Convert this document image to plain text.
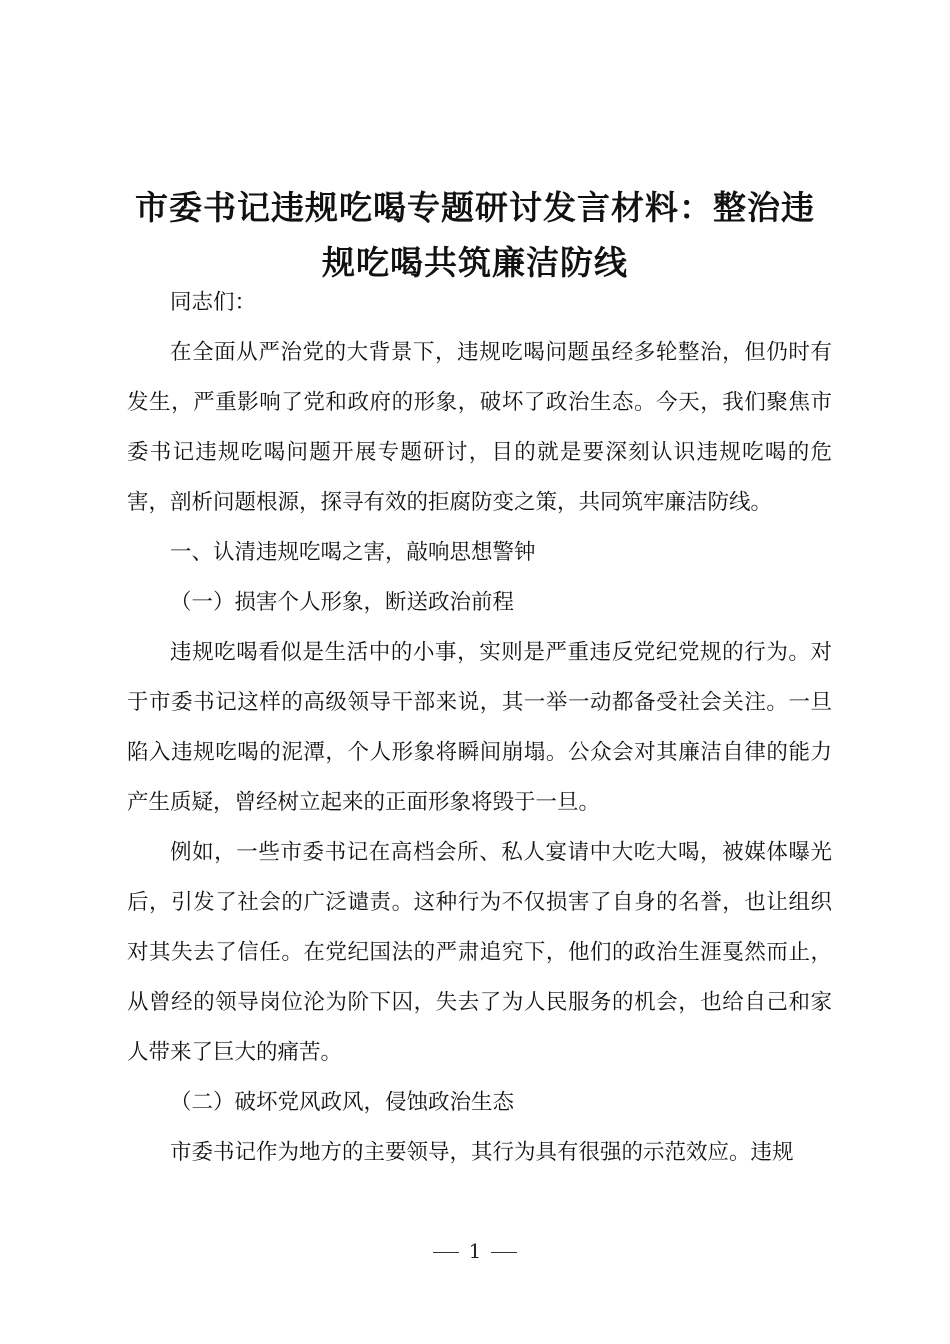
市委书记违规吃喝专题研讨发言材料：整治违规吃喝共筑廉洁防线

同志们：

在全面从严治党的大背景下，违规吃喝问题虽经多轮整治，但仍时有发生，严重影响了党和政府的形象，破坏了政治生态。今天，我们聚焦市委书记违规吃喝问题开展专题研讨，目的就是要深刻认识违规吃喝的危害，剖析问题根源，探寻有效的拒腐防变之策，共同筑牢廉洁防线。

一、认清违规吃喝之害，敲响思想警钟

（一）损害个人形象，断送政治前程

违规吃喝看似是生活中的小事，实则是严重违反党纪党规的行为。对于市委书记这样的高级领导干部来说，其一举一动都备受社会关注。一旦陷入违规吃喝的泥潭，个人形象将瞬间崩塌。公众会对其廉洁自律的能力产生质疑，曾经树立起来的正面形象将毁于一旦。

例如，一些市委书记在高档会所、私人宴请中大吃大喝，被媒体曝光后，引发了社会的广泛谴责。这种行为不仅损害了自身的名誉，也让组织对其失去了信任。在党纪国法的严肃追究下，他们的政治生涯戛然而止，从曾经的领导岗位沦为阶下囚，失去了为人民服务的机会，也给自己和家人带来了巨大的痛苦。

（二）破坏党风政风，侵蚀政治生态

市委书记作为地方的主要领导，其行为具有很强的示范效应。违规

1
